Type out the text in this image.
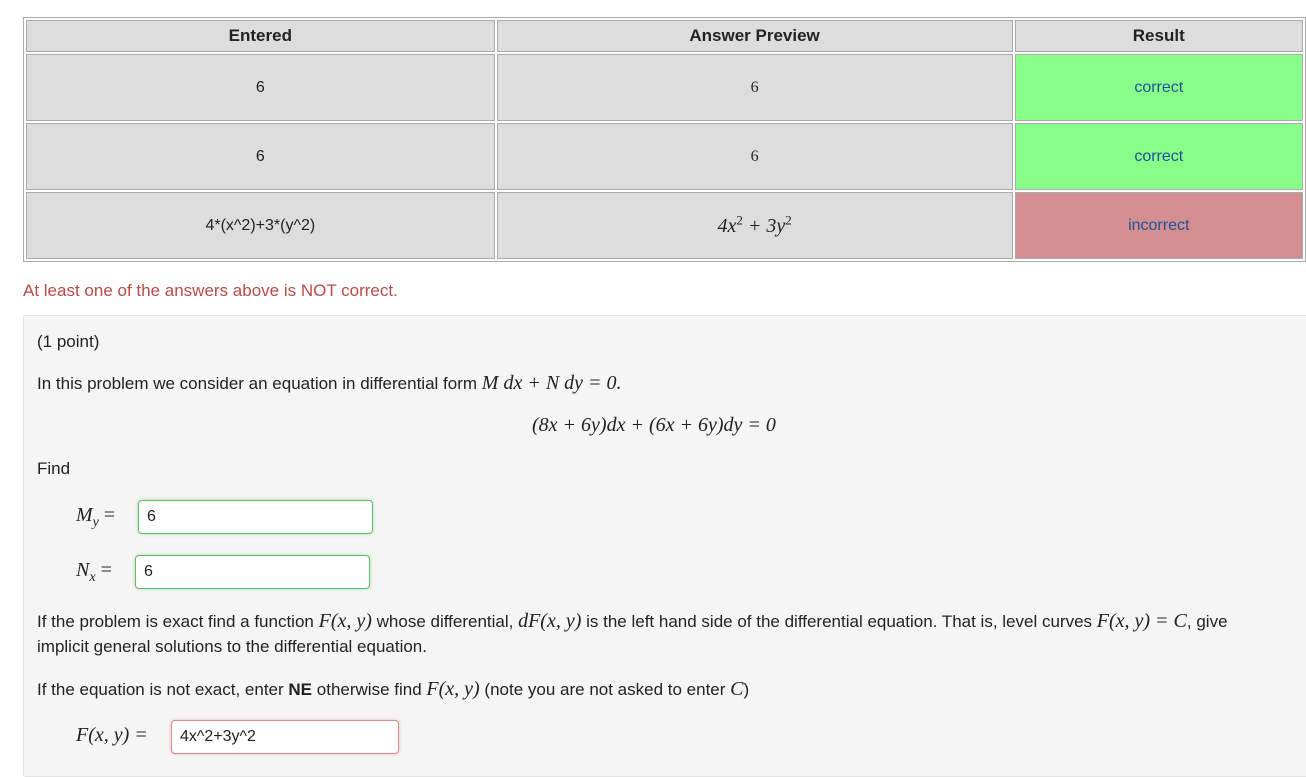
Entered	Answer Preview	Result
6	6	correct
6	6	correct
4*(x^2)+3*(y^2)	$4x^2 + 3y^2$	incorrect
At least one of the answers above is NOT correct.
(1 point)
In this problem we consider an equation in differential form M dx + N dy = 0.
(8x + 6y)dx + (6x + 6y)dy = 0
Find
$M_y$ =
6
$N_x$ =
6
If the problem is exact find a function F(x, y) whose differential, dF(x, y) is the left hand side of the differential equation. That is, level curves F(x, y) = C, give
implicit general solutions to the differential equation.
If the equation is not exact, enter NE otherwise find F(x, y) (note you are not asked to enter C)
F(x, y) =
4x^2+3y^2
